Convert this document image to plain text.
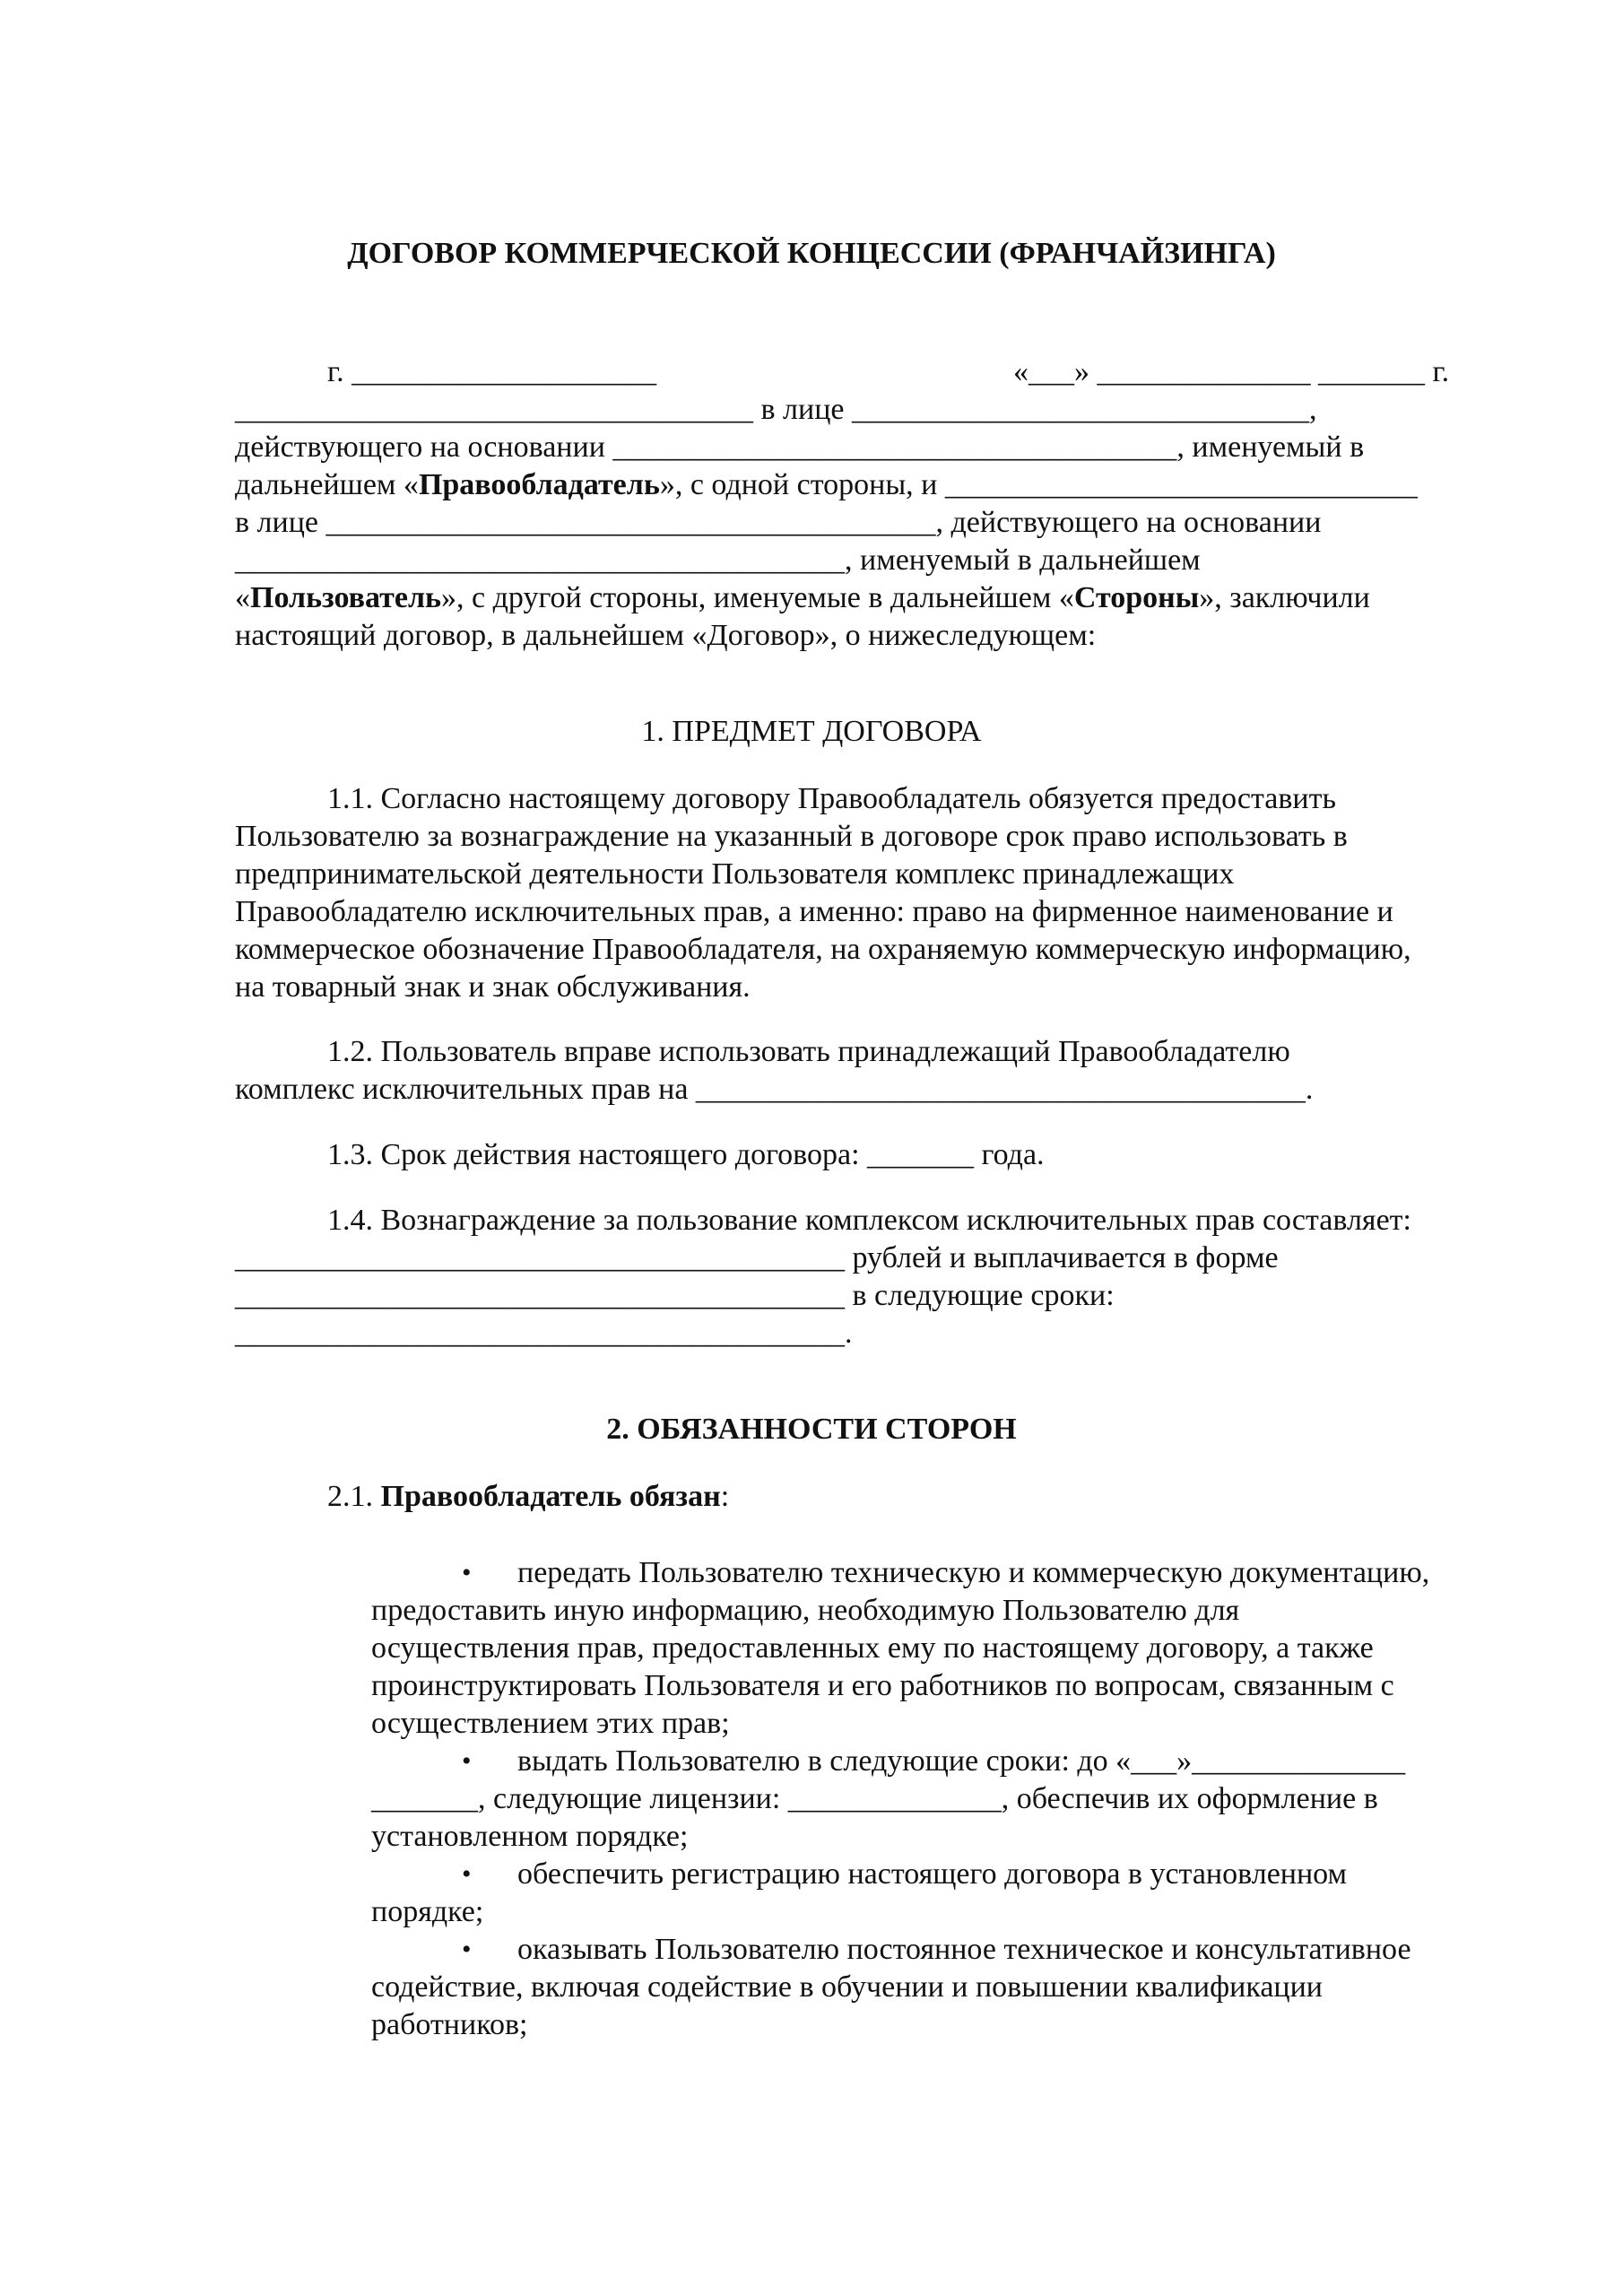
ДОГОВОР КОММЕРЧЕСКОЙ КОНЦЕССИИ (ФРАНЧАЙЗИНГА)
г. ____________________	«___» ______________ _______ г.
__________________________________ в лице ______________________________,
действующего на основании _____________________________________, именуемый в
дальнейшем «Правообладатель», с одной стороны, и _______________________________
в лице ________________________________________, действующего на основании
________________________________________, именуемый в дальнейшем
«Пользователь», с другой стороны, именуемые в дальнейшем «Стороны», заключили
настоящий договор, в дальнейшем «Договор», о нижеследующем:
1. ПРЕДМЕТ ДОГОВОРА
1.1. Согласно настоящему договору Правообладатель обязуется предоставить
Пользователю за вознаграждение на указанный в договоре срок право использовать в
предпринимательской деятельности Пользователя комплекс принадлежащих
Правообладателю исключительных прав, а именно: право на фирменное наименование и
коммерческое обозначение Правообладателя, на охраняемую коммерческую информацию,
на товарный знак и знак обслуживания.
1.2. Пользователь вправе использовать принадлежащий Правообладателю
комплекс исключительных прав на ________________________________________.
1.3. Срок действия настоящего договора: _______ года.
1.4. Вознаграждение за пользование комплексом исключительных прав составляет:
________________________________________ рублей и выплачивается в форме
________________________________________ в следующие сроки:
________________________________________.
2. ОБЯЗАННОСТИ СТОРОН
2.1. Правообладатель обязан:
• передать Пользователю техническую и коммерческую документацию,
предоставить иную информацию, необходимую Пользователю для
осуществления прав, предоставленных ему по настоящему договору, а также
проинструктировать Пользователя и его работников по вопросам, связанным с
осуществлением этих прав;
• выдать Пользователю в следующие сроки: до «___»______________
_______, следующие лицензии: ______________, обеспечив их оформление в
установленном порядке;
• обеспечить регистрацию настоящего договора в установленном
порядке;
• оказывать Пользователю постоянное техническое и консультативное
содействие, включая содействие в обучении и повышении квалификации
работников;
